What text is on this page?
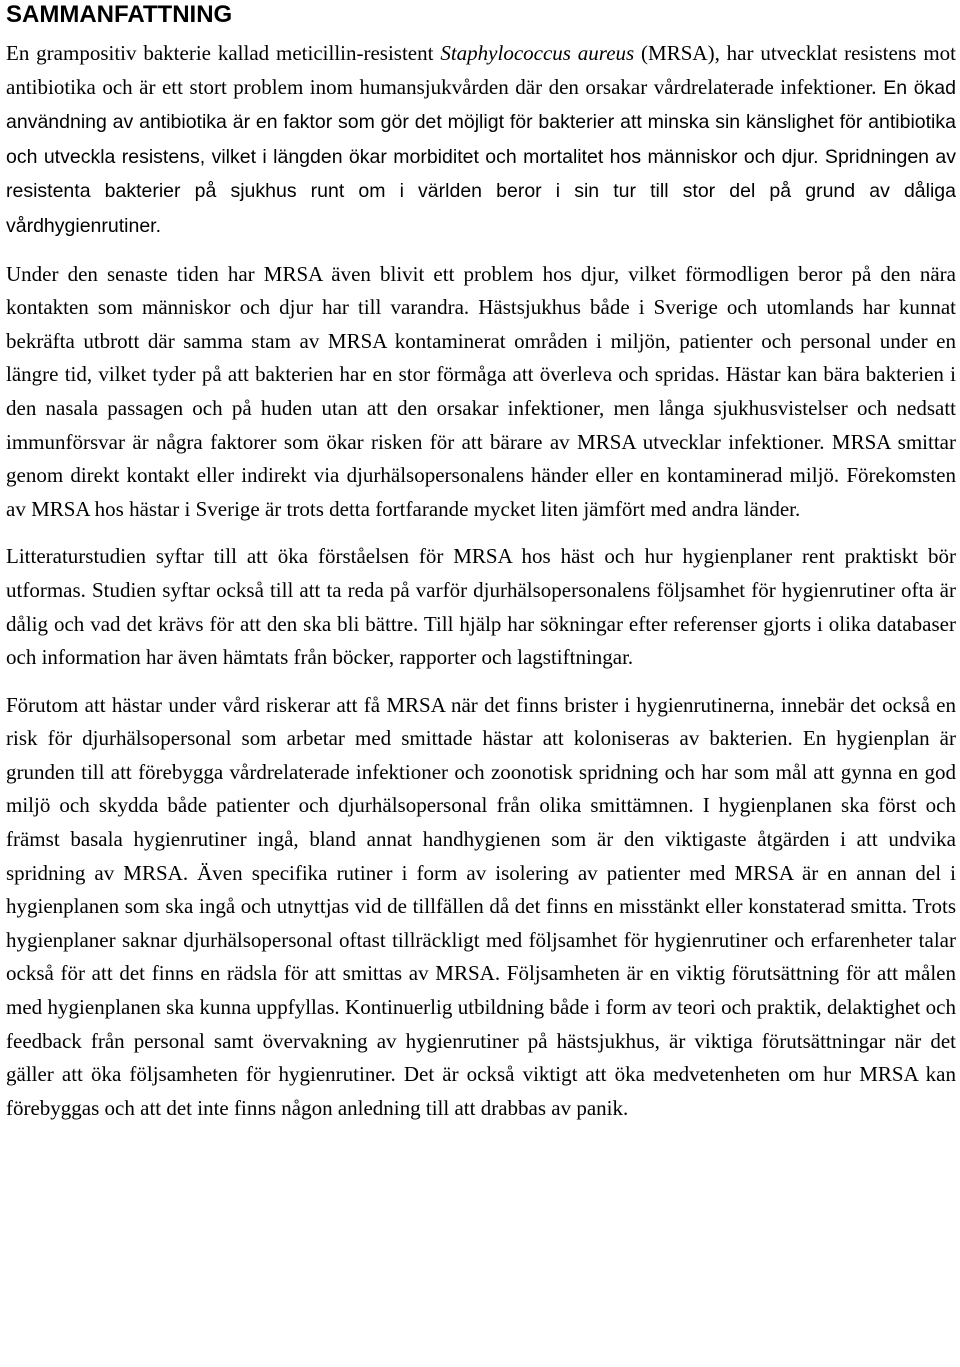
SAMMANFATTNING

En grampositiv bakterie kallad meticillin-resistent Staphylococcus aureus (MRSA), har utvecklat resistens mot antibiotika och är ett stort problem inom humansjukvården där den orsakar vårdrelaterade infektioner. En ökad användning av antibiotika är en faktor som gör det möjligt för bakterier att minska sin känslighet för antibiotika och utveckla resistens, vilket i längden ökar morbiditet och mortalitet hos människor och djur. Spridningen av resistenta bakterier på sjukhus runt om i världen beror i sin tur till stor del på grund av dåliga vårdhygienrutiner.

Under den senaste tiden har MRSA även blivit ett problem hos djur, vilket förmodligen beror på den nära kontakten som människor och djur har till varandra. Hästsjukhus både i Sverige och utomlands har kunnat bekräfta utbrott där samma stam av MRSA kontaminerat områden i miljön, patienter och personal under en längre tid, vilket tyder på att bakterien har en stor förmåga att överleva och spridas. Hästar kan bära bakterien i den nasala passagen och på huden utan att den orsakar infektioner, men långa sjukhusvistelser och nedsatt immunförsvar är några faktorer som ökar risken för att bärare av MRSA utvecklar infektioner. MRSA smittar genom direkt kontakt eller indirekt via djurhälsopersonalens händer eller en kontaminerad miljö. Förekomsten av MRSA hos hästar i Sverige är trots detta fortfarande mycket liten jämfört med andra länder.

Litteraturstudien syftar till att öka förståelsen för MRSA hos häst och hur hygienplaner rent praktiskt bör utformas. Studien syftar också till att ta reda på varför djurhälsopersonalens följsamhet för hygienrutiner ofta är dålig och vad det krävs för att den ska bli bättre. Till hjälp har sökningar efter referenser gjorts i olika databaser och information har även hämtats från böcker, rapporter och lagstiftningar.

Förutom att hästar under vård riskerar att få MRSA när det finns brister i hygienrutinerna, innebär det också en risk för djurhälsopersonal som arbetar med smittade hästar att koloniseras av bakterien. En hygienplan är grunden till att förebygga vårdrelaterade infektioner och zoonotisk spridning och har som mål att gynna en god miljö och skydda både patienter och djurhälsopersonal från olika smittämnen. I hygienplanen ska först och främst basala hygienrutiner ingå, bland annat handhygienen som är den viktigaste åtgärden i att undvika spridning av MRSA. Även specifika rutiner i form av isolering av patienter med MRSA är en annan del i hygienplanen som ska ingå och utnyttjas vid de tillfällen då det finns en misstänkt eller konstaterad smitta. Trots hygienplaner saknar djurhälsopersonal oftast tillräckligt med följsamhet för hygienrutiner och erfarenheter talar också för att det finns en rädsla för att smittas av MRSA. Följsamheten är en viktig förutsättning för att målen med hygienplanen ska kunna uppfyllas. Kontinuerlig utbildning både i form av teori och praktik, delaktighet och feedback från personal samt övervakning av hygienrutiner på hästsjukhus, är viktiga förutsättningar när det gäller att öka följsamheten för hygienrutiner. Det är också viktigt att öka medvetenheten om hur MRSA kan förebyggas och att det inte finns någon anledning till att drabbas av panik.
